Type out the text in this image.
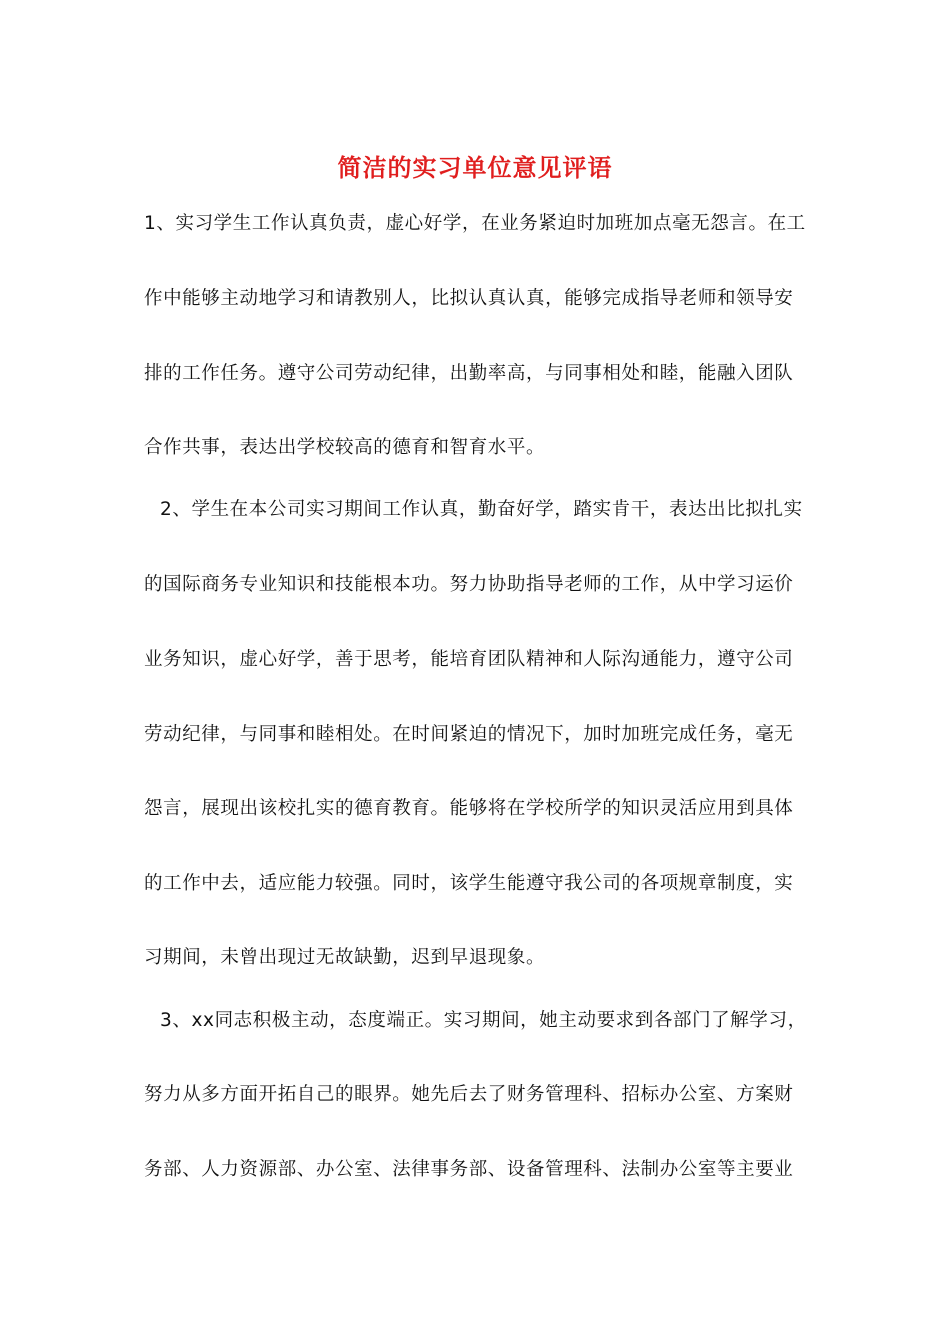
简洁的实习单位意见评语
1、实习学生工作认真负责，虚心好学，在业务紧迫时加班加点毫无怨言。在工
作中能够主动地学习和请教别人，比拟认真认真，能够完成指导老师和领导安
排的工作任务。遵守公司劳动纪律，出勤率高，与同事相处和睦，能融入团队
合作共事，表达出学校较高的德育和智育水平。
2、学生在本公司实习期间工作认真，勤奋好学，踏实肯干，表达出比拟扎实
的国际商务专业知识和技能根本功。努力协助指导老师的工作，从中学习运价
业务知识，虚心好学，善于思考，能培育团队精神和人际沟通能力，遵守公司
劳动纪律，与同事和睦相处。在时间紧迫的情况下，加时加班完成任务，毫无
怨言，展现出该校扎实的德育教育。能够将在学校所学的知识灵活应用到具体
的工作中去，适应能力较强。同时，该学生能遵守我公司的各项规章制度，实
习期间，未曾出现过无故缺勤，迟到早退现象。
3、xx同志积极主动，态度端正。实习期间，她主动要求到各部门了解学习，
努力从多方面开拓自己的眼界。她先后去了财务管理科、招标办公室、方案财
务部、人力资源部、办公室、法律事务部、设备管理科、法制办公室等主要业
